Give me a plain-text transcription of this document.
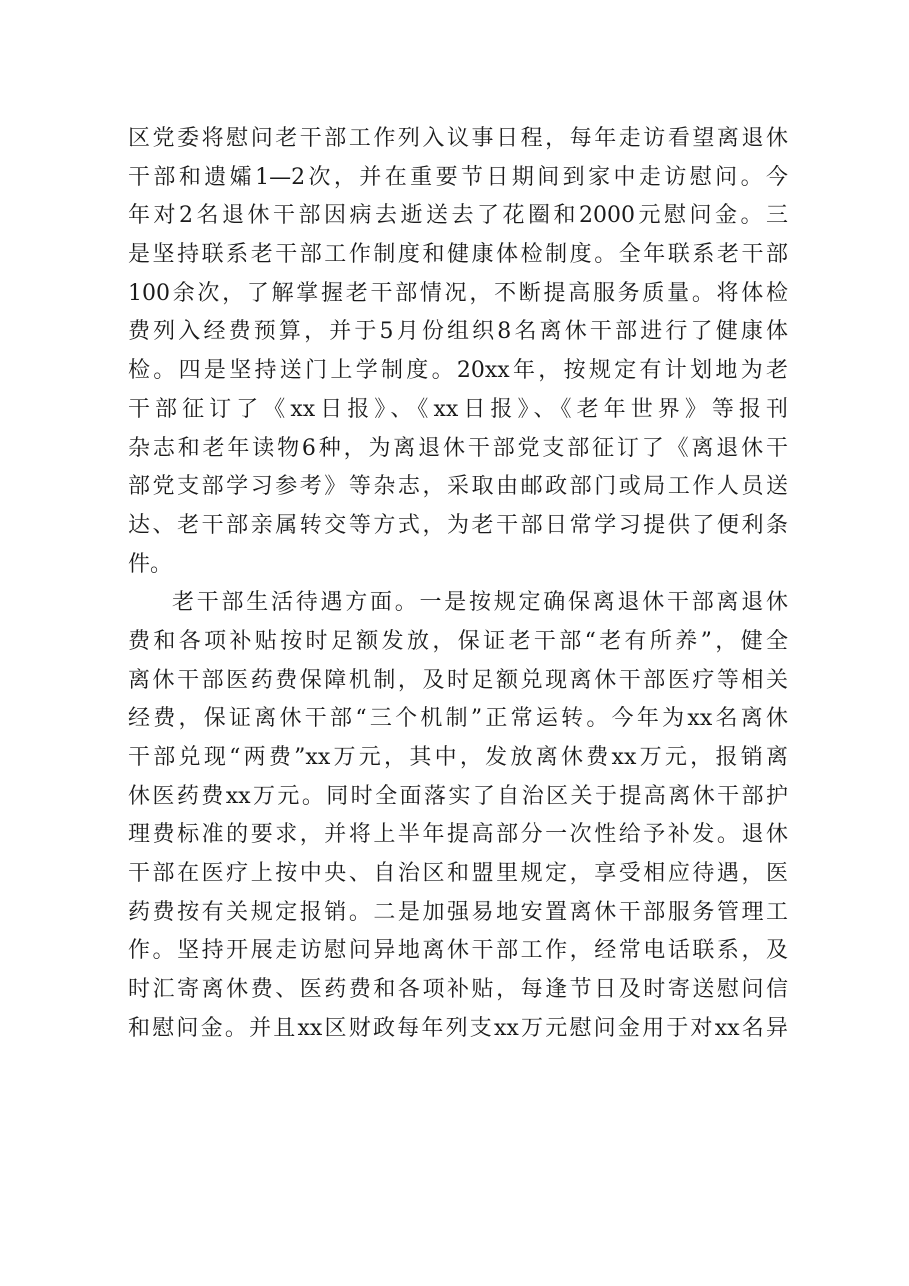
区党委将慰问老干部工作列入议事日程，每年走访看望离退休
干部和遗孀1—2次，并在重要节日期间到家中走访慰问。今
年对2名退休干部因病去逝送去了花圈和2000元慰问金。三
是坚持联系老干部工作制度和健康体检制度。全年联系老干部
100余次，了解掌握老干部情况，不断提高服务质量。将体检
费列入经费预算，并于5月份组织8名离休干部进行了健康体
检。四是坚持送门上学制度。20xx年，按规定有计划地为老
干部征订了《xx日报》、《xx日报》、《老年世界》等报刊
杂志和老年读物6种，为离退休干部党支部征订了《离退休干
部党支部学习参考》等杂志，采取由邮政部门或局工作人员送
达、老干部亲属转交等方式，为老干部日常学习提供了便利条
件。
老干部生活待遇方面。一是按规定确保离退休干部离退休
费和各项补贴按时足额发放，保证老干部“老有所养”，健全
离休干部医药费保障机制，及时足额兑现离休干部医疗等相关
经费，保证离休干部“三个机制”正常运转。今年为xx名离休
干部兑现“两费”xx万元，其中，发放离休费xx万元，报销离
休医药费xx万元。同时全面落实了自治区关于提高离休干部护
理费标准的要求，并将上半年提高部分一次性给予补发。退休
干部在医疗上按中央、自治区和盟里规定，享受相应待遇，医
药费按有关规定报销。二是加强易地安置离休干部服务管理工
作。坚持开展走访慰问异地离休干部工作，经常电话联系，及
时汇寄离休费、医药费和各项补贴，每逢节日及时寄送慰问信
和慰问金。并且xx区财政每年列支xx万元慰问金用于对xx名异
